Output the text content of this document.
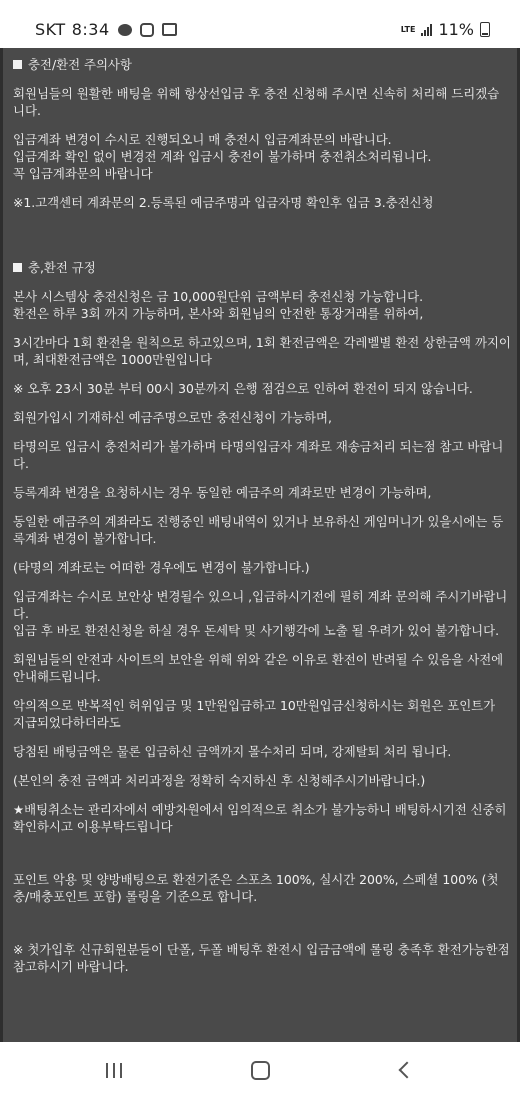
SKT 8:34	LTE 11%
충전/환전 주의사항

회원님들의 원활한 배팅을 위해 항상선입금 후 충전 신청해 주시면 신속히 처리해 드리겠습니다.

입금계좌 변경이 수시로 진행되오니 매 충전시 입금계좌문의 바랍니다.

입금계좌 확인 없이 변경전 계좌 입금시 충전이 불가하며 충전취소처리됩니다.

꼭 입금계좌문의 바랍니다

※1.고객센터 계좌문의 2.등록된 예금주명과 입금자명 확인후 입금 3.충전신청

충,환전 규정

본사 시스템상 충전신청은 금 10,000원단위 금액부터 충전신청 가능합니다.

환전은 하루 3회 까지 가능하며, 본사와 회원님의 안전한 통장거래를 위하여,

3시간마다 1회 환전을 원칙으로 하고있으며, 1회 환전금액은 각레벨별 환전 상한금액 까지이며, 최대환전금액은 1000만원입니다

※ 오후 23시 30분 부터 00시 30분까지 은행 점검으로 인하여 환전이 되지 않습니다.

회원가입시 기재하신 예금주명으로만 충전신청이 가능하며,

타명의로 입금시 충전처리가 불가하며 타명의입금자 계좌로 재송금처리 되는점 참고 바랍니다.

등록계좌 변경을 요청하시는 경우 동일한 예금주의 계좌로만 변경이 가능하며,

동일한 예금주의 계좌라도 진행중인 배팅내역이 있거나 보유하신 게임머니가 있을시에는 등록계좌 변경이 불가합니다.

(타명의 계좌로는 어떠한 경우에도 변경이 불가합니다.)

입금계좌는 수시로 보안상 변경될수 있으니 ,입금하시기전에 필히 계좌 문의해 주시기바랍니다.

입금 후 바로 환전신청을 하실 경우 돈세탁 및 사기행각에 노출 될 우려가 있어 불가합니다.

회원님들의 안전과 사이트의 보안을 위해 위와 같은 이유로 환전이 반려될 수 있음을 사전에 안내해드립니다.

악의적으로 반복적인 허위입금 및 1만원입금하고 10만원입금신청하시는 회원은 포인트가 지급되었다하더라도

당첨된 배팅금액은 물론 입금하신 금액까지 몰수처리 되며, 강제탈퇴 처리 됩니다.

(본인의 충전 금액과 처리과정을 정확히 숙지하신 후 신청해주시기바랍니다.)

★배팅취소는 관리자에서 예방차원에서 임의적으로 취소가 불가능하니 배팅하시기전 신중히 확인하시고 이용부탁드립니다

포인트 악용 및 양방배팅으로 환전기준은 스포츠 100%, 실시간 200%, 스페셜 100% (첫충/매충포인트 포함) 롤링을 기준으로 합니다.

※ 첫가입후 신규회원분들이 단폴, 두폴 배팅후 환전시 입금금액에 롤링 충족후 환전가능한점 참고하시기 바랍니다.
